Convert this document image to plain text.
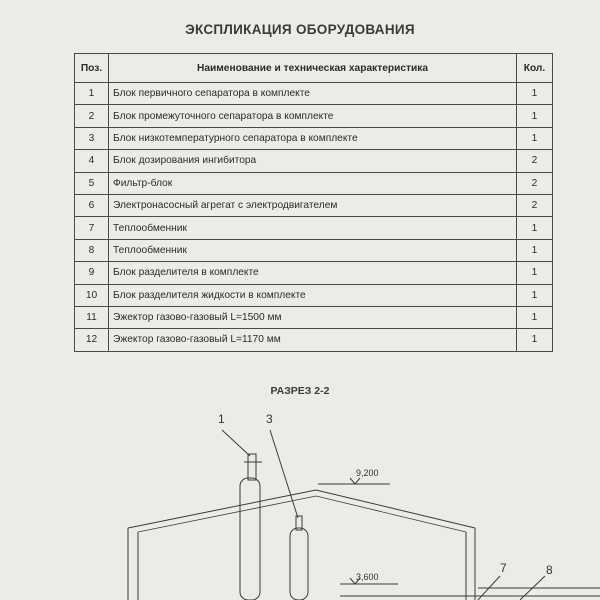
ЭКСПЛИКАЦИЯ ОБОРУДОВАНИЯ
Поз.	Наименование и техническая характеристика	Кол.
1	Блок первичного сепаратора в комплекте	1
2	Блок промежуточного сепаратора в комплекте	1
3	Блок низкотемпературного сепаратора в комплекте	1
4	Блок дозирования ингибитора	2
5	Фильтр-блок	2
6	Электронасосный агрегат с электродвигателем	2
7	Теплообменник	1
8	Теплообменник	1
9	Блок разделителя в комплекте	1
10	Блок разделителя жидкости в комплекте	1
11	Эжектор газово-газовый L=1500 мм	1
12	Эжектор газово-газовый L=1170 мм	1
РАЗРЕЗ 2-2
1	3
7	8
9,200
3,600
